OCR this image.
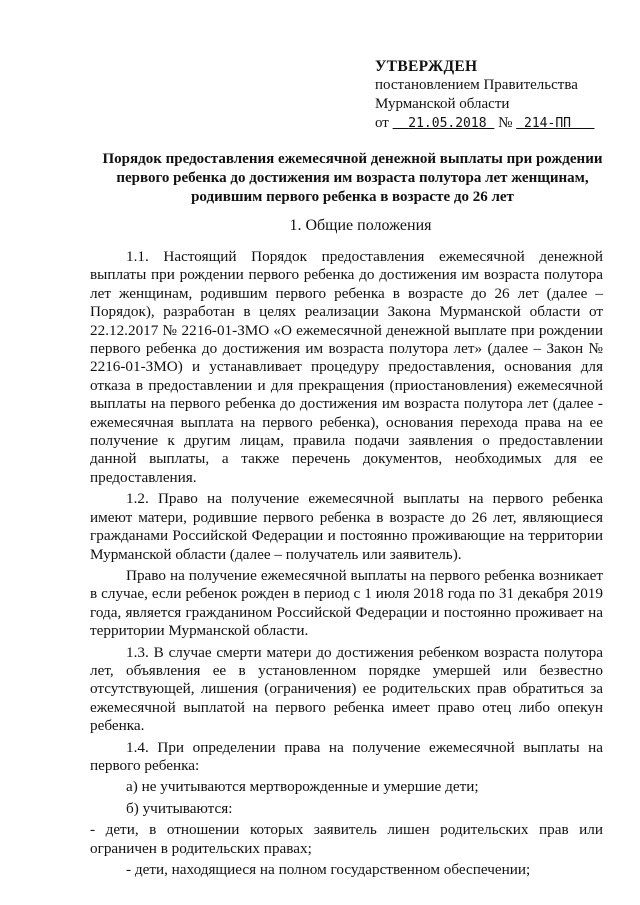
УТВЕРЖДЕН
постановлением Правительства
Мурманской области
от 21.05.2018 № 214-ПП
Порядок предоставления ежемесячной денежной выплаты при рождении первого ребенка до достижения им возраста полутора лет женщинам, родившим первого ребенка в возрасте до 26 лет
1. Общие положения

1.1. Настоящий Порядок предоставления ежемесячной денежной выплаты при рождении первого ребенка до достижения им возраста полутора лет женщинам, родившим первого ребенка в возрасте до 26 лет (далее – Порядок), разработан в целях реализации Закона Мурманской области от 22.12.2017 № 2216-01-ЗМО «О ежемесячной денежной выплате при рождении первого ребенка до достижения им возраста полутора лет» (далее – Закон № 2216-01-ЗМО) и устанавливает процедуру предоставления, основания для отказа в предоставлении и для прекращения (приостановления) ежемесячной выплаты на первого ребенка до достижения им возраста полутора лет (далее - ежемесячная выплата на первого ребенка), основания перехода права на ее получение к другим лицам, правила подачи заявления о предоставлении данной выплаты, а также перечень документов, необходимых для ее предоставления.

1.2. Право на получение ежемесячной выплаты на первого ребенка имеют матери, родившие первого ребенка в возрасте до 26 лет, являющиеся гражданами Российской Федерации и постоянно проживающие на территории Мурманской области (далее – получатель или заявитель).

Право на получение ежемесячной выплаты на первого ребенка возникает в случае, если ребенок рожден в период с 1 июля 2018 года по 31 декабря 2019 года, является гражданином Российской Федерации и постоянно проживает на территории Мурманской области.

1.3. В случае смерти матери до достижения ребенком возраста полутора лет, объявления ее в установленном порядке умершей или безвестно отсутствующей, лишения (ограничения) ее родительских прав обратиться за ежемесячной выплатой на первого ребенка имеет право отец либо опекун ребенка.

1.4. При определении права на получение ежемесячной выплаты на первого ребенка:

а) не учитываются мертворожденные и умершие дети;

б) учитываются:

- дети, в отношении которых заявитель лишен родительских прав или ограничен в родительских правах;

- дети, находящиеся на полном государственном обеспечении;
